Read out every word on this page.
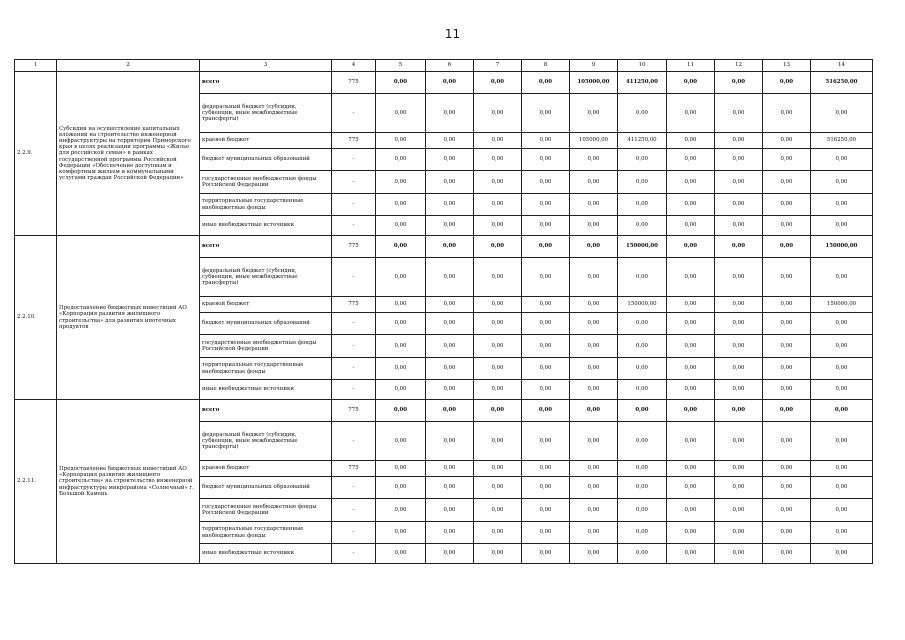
11
1	2	3	4	5	6	7	8	9	10	11	12	13	14
2.2.9.	Субсидии на осуществление капитальных вложений на строительство инженерной инфраструктуры на территории Приморского края в целях реализации программы «Жилье для российской семьи» в рамках государственной программы Российской Федерации «Обеспечение доступным и комфортным жильем и коммунальными услугами граждан Российской Федерации»	всего	775	0,00	0,00	0,00	0,00	105000,00	411250,00	0,00	0,00	0,00	516250,00
		федеральный бюджет (субсидии, субвенции, иные межбюджетные трансферты)	-	0,00	0,00	0,00	0,00	0,00	0,00	0,00	0,00	0,00	0,00
		краевой бюджет	775	0,00	0,00	0,00	0,00	105000,00	411250,00	0,00	0,00	0,00	516250,00
		бюджет муниципальных образований	-	0,00	0,00	0,00	0,00	0,00	0,00	0,00	0,00	0,00	0,00
		государственные внебюджетные фонды Российской Федерации	-	0,00	0,00	0,00	0,00	0,00	0,00	0,00	0,00	0,00	0,00
		территориальные государственные внебюджетные фонды	-	0,00	0,00	0,00	0,00	0,00	0,00	0,00	0,00	0,00	0,00
		иные внебюджетные источники	-	0,00	0,00	0,00	0,00	0,00	0,00	0,00	0,00	0,00	0,00
2.2.10.	Предоставление бюджетных инвестиций АО «Корпорация развития жилищного строительства» для развития ипотечных продуктов	всего	775	0,00	0,00	0,00	0,00	0,00	150000,00	0,00	0,00	0,00	150000,00
		федеральный бюджет (субсидии, субвенции, иные межбюджетные трансферты)	-	0,00	0,00	0,00	0,00	0,00	0,00	0,00	0,00	0,00	0,00
		краевой бюджет	775	0,00	0,00	0,00	0,00	0,00	150000,00	0,00	0,00	0,00	150000,00
		бюджет муниципальных образований	-	0,00	0,00	0,00	0,00	0,00	0,00	0,00	0,00	0,00	0,00
		государственные внебюджетные фонды Российской Федерации	-	0,00	0,00	0,00	0,00	0,00	0,00	0,00	0,00	0,00	0,00
		территориальные государственные внебюджетные фонды	-	0,00	0,00	0,00	0,00	0,00	0,00	0,00	0,00	0,00	0,00
		иные внебюджетные источники	-	0,00	0,00	0,00	0,00	0,00	0,00	0,00	0,00	0,00	0,00
2.2.11.	Предоставление бюджетных инвестиций АО «Корпорация развития жилищного строительства» на строительство инженерной инфраструктуры микрорайона «Солнечный» г. Большой Камень	всего	775	0,00	0,00	0,00	0,00	0,00	0,00	0,00	0,00	0,00	0,00
		федеральный бюджет (субсидии, субвенции, иные межбюджетные трансферты)	-	0,00	0,00	0,00	0,00	0,00	0,00	0,00	0,00	0,00	0,00
		краевой бюджет	775	0,00	0,00	0,00	0,00	0,00	0,00	0,00	0,00	0,00	0,00
		бюджет муниципальных образований	-	0,00	0,00	0,00	0,00	0,00	0,00	0,00	0,00	0,00	0,00
		государственные внебюджетные фонды Российской Федерации	-	0,00	0,00	0,00	0,00	0,00	0,00	0,00	0,00	0,00	0,00
		территориальные государственные внебюджетные фонды	-	0,00	0,00	0,00	0,00	0,00	0,00	0,00	0,00	0,00	0,00
		иные внебюджетные источники	-	0,00	0,00	0,00	0,00	0,00	0,00	0,00	0,00	0,00	0,00
